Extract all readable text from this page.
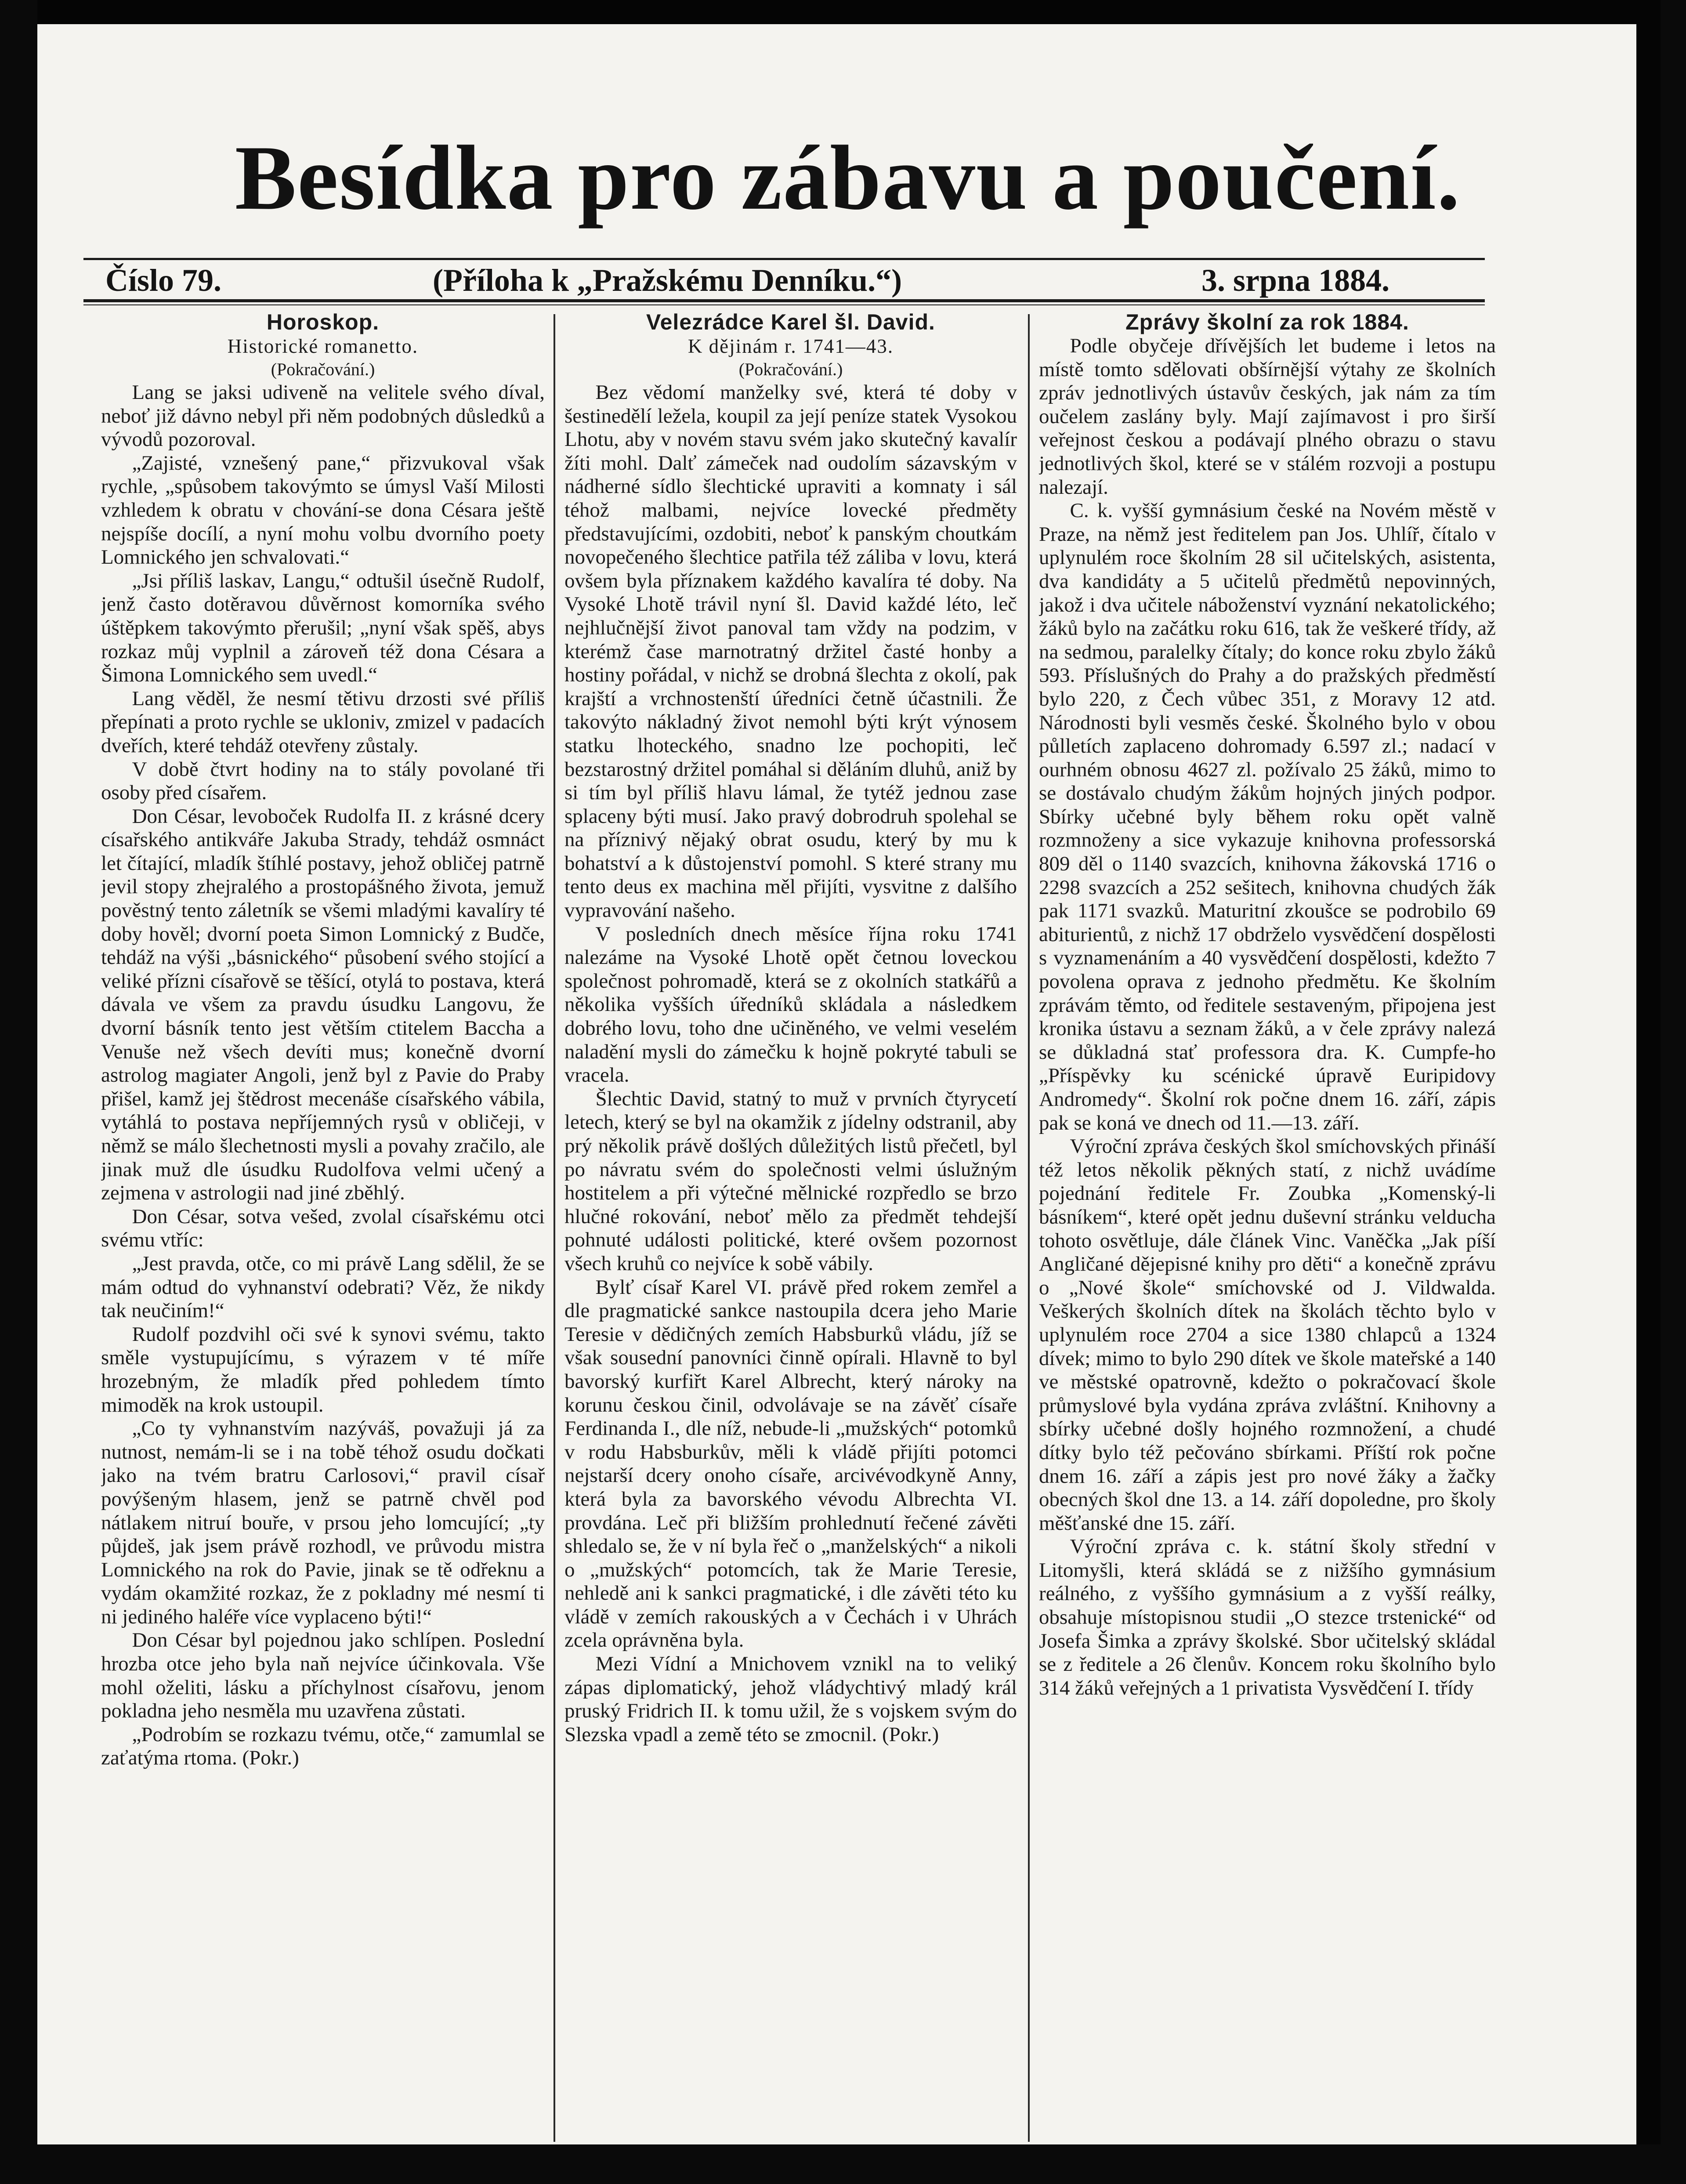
Besídka pro zábavu a poučení.
Číslo 79.	(Příloha k „Pražskému Denníku.“)	3. srpna 1884.

Horoskop.

Historické romanetto.

(Pokračování.)

Lang se jaksi udiveně na velitele svého díval, neboť již dávno nebyl při něm podobných důsledků a vývodů pozoroval.

„Zajisté, vznešený pane,“ přizvukoval však rychle, „spůsobem takovýmto se úmysl Vaší Milosti vzhledem k obratu v chování-se dona Césara ještě nejspíše docílí, a nyní mohu volbu dvorního poety Lomnického jen schvalovati.“

„Jsi příliš laskav, Langu,“ odtušil úsečně Rudolf, jenž často dotěravou důvěrnost komorníka svého úštěpkem takovýmto přerušil; „nyní však spěš, abys rozkaz můj vyplnil a zároveň též dona Césara a Šimona Lomnického sem uvedl.“

Lang věděl, že nesmí tětivu drzosti své příliš přepínati a proto rychle se ukloniv, zmizel v padacích dveřích, které tehdáž otevřeny zůstaly.

V době čtvrt hodiny na to stály povolané tři osoby před císařem.

Don César, levoboček Rudolfa II. z krásné dcery císařského antikváře Jakuba Strady, tehdáž osmnáct let čítající, mladík štíhlé postavy, jehož obličej patrně jevil stopy zhejralého a prostopášného života, jemuž pověstný tento záletník se všemi mladými kavalíry té doby hověl; dvorní poeta Simon Lomnický z Budče, tehdáž na výši „básnického“ působení svého stojící a veliké přízni císařově se těšící, otylá to postava, která dávala ve všem za pravdu úsudku Langovu, že dvorní básník tento jest větším ctitelem Baccha a Venuše než všech devíti mus; konečně dvorní astrolog magiater Angoli, jenž byl z Pavie do Praby přišel, kamž jej štědrost mecenáše císařského vábila, vytáhlá to postava nepříjemných rysů v obličeji, v němž se málo šlechetnosti mysli a povahy zračilo, ale jinak muž dle úsudku Rudolfova velmi učený a zejmena v astrologii nad jiné zběhlý.

Don César, sotva vešed, zvolal císařskému otci svému vtříc:

„Jest pravda, otče, co mi právě Lang sdělil, že se mám odtud do vyhnanství odebrati? Věz, že nikdy tak neučiním!“

Rudolf pozdvihl oči své k synovi svému, takto směle vystupujícímu, s výrazem v té míře hrozebným, že mladík před pohledem tímto mimoděk na krok ustoupil.

„Co ty vyhnanstvím nazýváš, považuji já za nutnost, nemám-li se i na tobě téhož osudu dočkati jako na tvém bratru Carlosovi,“ pravil císař povýšeným hlasem, jenž se patrně chvěl pod nátlakem nitruí bouře, v prsou jeho lomcující; „ty půjdeš, jak jsem právě rozhodl, ve průvodu mistra Lomnického na rok do Pavie, jinak se tě odřeknu a vydám okamžité rozkaz, že z pokladny mé nesmí ti ni jediného haléře více vyplaceno býti!“

Don César byl pojednou jako schlípen. Poslední hrozba otce jeho byla naň nejvíce účinkovala. Vše mohl oželiti, lásku a příchylnost císařovu, jenom pokladna jeho nesměla mu uzavřena zůstati.

„Podrobím se rozkazu tvému, otče,“ zamumlal se zaťatýma rtoma. (Pokr.)

Velezrádce Karel šl. David.

K dějinám r. 1741—43.

(Pokračování.)

Bez vědomí manželky své, která té doby v šestinedělí ležela, koupil za její peníze statek Vysokou Lhotu, aby v novém stavu svém jako skutečný kavalír žíti mohl. Dalť zámeček nad oudolím sázavským v nádherné sídlo šlechtické upraviti a komnaty i sál téhož malbami, nejvíce lovecké předměty představujícími, ozdobiti, neboť k panským choutkám novopečeného šlechtice patřila též záliba v lovu, která ovšem byla příznakem každého kavalíra té doby. Na Vysoké Lhotě trávil nyní šl. David každé léto, leč nejhlučnější život panoval tam vždy na podzim, v kterémž čase marnotratný držitel časté honby a hostiny pořádal, v nichž se drobná šlechta z okolí, pak krajští a vrchnostenští úředníci četně účastnili. Že takovýto nákladný život nemohl býti krýt výnosem statku lhoteckého, snadno lze pochopiti, leč bezstarostný držitel pomáhal si děláním dluhů, aniž by si tím byl příliš hlavu lámal, že tytéž jednou zase splaceny býti musí. Jako pravý dobrodruh spolehal se na příznivý nějaký obrat osudu, který by mu k bohatství a k důstojenství pomohl. S které strany mu tento deus ex machina měl přijíti, vysvitne z dalšího vypravování našeho.

V posledních dnech měsíce října roku 1741 nalezáme na Vysoké Lhotě opět četnou loveckou společnost pohromadě, která se z okolních statkářů a několika vyšších úředníků skládala a následkem dobrého lovu, toho dne učiněného, ve velmi veselém naladění mysli do zámečku k hojně pokryté tabuli se vracela.

Šlechtic David, statný to muž v prvních čtyrycetí letech, který se byl na okamžik z jídelny odstranil, aby prý několik právě došlých důležitých listů přečetl, byl po návratu svém do společnosti velmi úslužným hostitelem a při výtečné mělnické rozpředlo se brzo hlučné rokování, neboť mělo za předmět tehdejší pohnuté události politické, které ovšem pozornost všech kruhů co nejvíce k sobě vábily.

Bylť císař Karel VI. právě před rokem zemřel a dle pragmatické sankce nastoupila dcera jeho Marie Teresie v dědičných zemích Habsburků vládu, jíž se však sousední panovníci činně opírali. Hlavně to byl bavorský kurfiřt Karel Albrecht, který nároky na korunu českou činil, odvolávaje se na závěť císaře Ferdinanda I., dle níž, nebude-li „mužských“ potomků v rodu Habsburkův, měli k vládě přijíti potomci nejstarší dcery onoho císaře, arcivévodkyně Anny, která byla za bavorského vévodu Albrechta VI. provdána. Leč při bližším prohlednutí řečené závěti shledalo se, že v ní byla řeč o „manželských“ a nikoli o „mužských“ potomcích, tak že Marie Teresie, nehledě ani k sankci pragmatické, i dle závěti této ku vládě v zemích rakouských a v Čechách i v Uhrách zcela oprávněna byla.

Mezi Vídní a Mnichovem vznikl na to veliký zápas diplomatický, jehož vládychtivý mladý král pruský Fridrich II. k tomu užil, že s vojskem svým do Slezska vpadl a země této se zmocnil. (Pokr.)

Zprávy školní za rok 1884.

Podle obyčeje dřívějších let budeme i letos na místě tomto sdělovati obšírnější výtahy ze školních zpráv jednotlivých ústavův českých, jak nám za tím oučelem zaslány byly. Mají zajímavost i pro širší veřejnost českou a podávají plného obrazu o stavu jednotlivých škol, které se v stálém rozvoji a postupu nalezají.

C. k. vyšší gymnásium české na Novém městě v Praze, na němž jest ředitelem pan Jos. Uhlíř, čítalo v uplynulém roce školním 28 sil učitelských, asistenta, dva kandidáty a 5 učitelů předmětů nepovinných, jakož i dva učitele náboženství vyznání nekatolického; žáků bylo na začátku roku 616, tak že veškeré třídy, až na sedmou, paralelky čítaly; do konce roku zbylo žáků 593. Příslušných do Prahy a do pražských předměstí bylo 220, z Čech vůbec 351, z Moravy 12 atd. Národnosti byli vesměs české. Školného bylo v obou půlletích zaplaceno dohromady 6.597 zl.; nadací v ourhném obnosu 4627 zl. požívalo 25 žáků, mimo to se dostávalo chudým žákům hojných jiných podpor. Sbírky učebné byly během roku opět valně rozmnoženy a sice vykazuje knihovna professorská 809 děl o 1140 svazcích, knihovna žákovská 1716 o 2298 svazcích a 252 sešitech, knihovna chudých žák pak 1171 svazků. Maturitní zkoušce se podrobilo 69 abiturientů, z nichž 17 obdrželo vysvědčení dospělosti s vyznamenáním a 40 vysvědčení dospělosti, kdežto 7 povolena oprava z jednoho předmětu. Ke školním zprávám těmto, od ředitele sestaveným, připojena jest kronika ústavu a seznam žáků, a v čele zprávy nalezá se důkladná stať professora dra. K. Cumpfe-ho „Příspěvky ku scénické úpravě Euripidovy Andromedy“. Školní rok počne dnem 16. září, zápis pak se koná ve dnech od 11.—13. září.

Výroční zpráva českých škol smíchovských přináší též letos několik pěkných statí, z nichž uvádíme pojednání ředitele Fr. Zoubka „Komenský-li básníkem“, které opět jednu duševní stránku velducha tohoto osvětluje, dále článek Vinc. Vaněčka „Jak píší Angličané dějepisné knihy pro děti“ a konečně zprávu o „Nové škole“ smíchovské od J. Vildwalda. Veškerých školních dítek na školách těchto bylo v uplynulém roce 2704 a sice 1380 chlapců a 1324 dívek; mimo to bylo 290 dítek ve škole mateřské a 140 ve městské opatrovně, kdežto o pokračovací škole průmyslové byla vydána zpráva zvláštní. Knihovny a sbírky učebné došly hojného rozmnožení, a chudé dítky bylo též pečováno sbírkami. Příští rok počne dnem 16. září a zápis jest pro nové žáky a žačky obecných škol dne 13. a 14. září dopoledne, pro školy měšťanské dne 15. září.

Výroční zpráva c. k. státní školy střední v Litomyšli, která skládá se z nižšího gymnásium reálného, z vyššího gymnásium a z vyšší reálky, obsahuje místopisnou studii „O stezce trstenické“ od Josefa Šimka a zprávy školské. Sbor učitelský skládal se z ředitele a 26 členův. Koncem roku školního bylo 314 žáků veřejných a 1 privatista Vysvědčení I. třídy
